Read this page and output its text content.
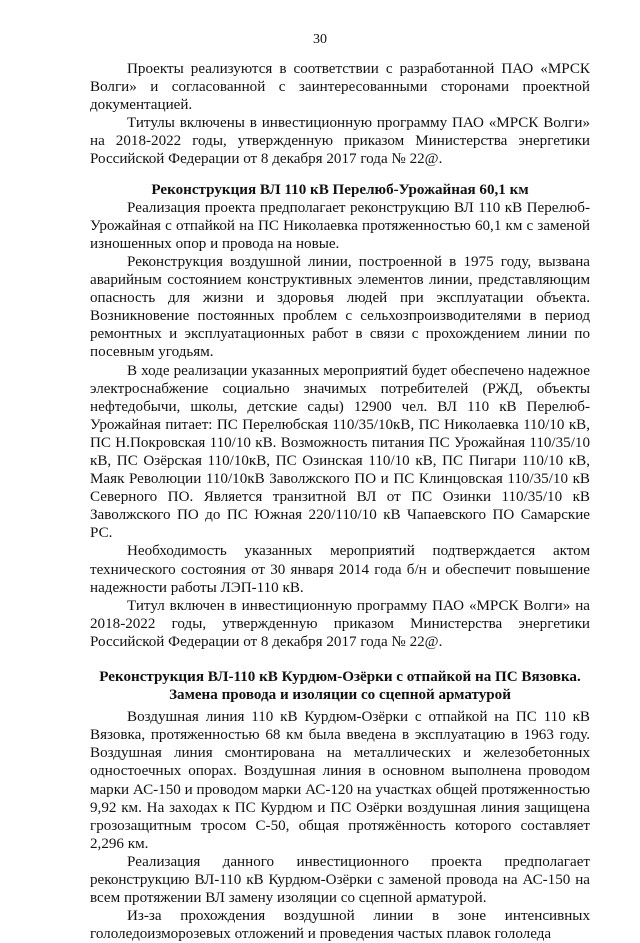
30

Проекты реализуются в соответствии с разработанной ПАО «МРСК Волги» и согласованной с заинтересованными сторонами проектной документацией.

Титулы включены в инвестиционную программу ПАО «МРСК Волги» на 2018-2022 годы, утвержденную приказом Министерства энергетики Российской Федерации от 8 декабря 2017 года № 22@.

Реконструкция ВЛ 110 кВ Перелюб-Урожайная 60,1 км

Реализация проекта предполагает реконструкцию ВЛ 110 кВ Перелюб-Урожайная с отпайкой на ПС Николаевка протяженностью 60,1 км с заменой изношенных опор и провода на новые.

Реконструкция воздушной линии, построенной в 1975 году, вызвана аварийным состоянием конструктивных элементов линии, представляющим опасность для жизни и здоровья людей при эксплуатации объекта. Возникновение постоянных проблем с сельхозпроизводителями в период ремонтных и эксплуатационных работ в связи с прохождением линии по посевным угодьям.

В ходе реализации указанных мероприятий будет обеспечено надежное электроснабжение социально значимых потребителей (РЖД, объекты нефтедобычи, школы, детские сады) 12900 чел. ВЛ 110 кВ Перелюб-Урожайная питает: ПС Перелюбская 110/35/10кВ, ПС Николаевка 110/10 кВ, ПС Н.Покровская 110/10 кВ. Возможность питания ПС Урожайная 110/35/10 кВ, ПС Озёрская 110/10кВ, ПС Озинская 110/10 кВ, ПС Пигари 110/10 кВ, Маяк Революции 110/10кВ Заволжского ПО и ПС Клинцовская 110/35/10 кВ Северного ПО. Является транзитной ВЛ от ПС Озинки 110/35/10 кВ Заволжского ПО до ПС Южная 220/110/10 кВ Чапаевского ПО Самарские РС.

Необходимость указанных мероприятий подтверждается актом технического состояния от 30 января 2014 года б/н и обеспечит повышение надежности работы ЛЭП-110 кВ.

Титул включен в инвестиционную программу ПАО «МРСК Волги» на 2018-2022 годы, утвержденную приказом Министерства энергетики Российской Федерации от 8 декабря 2017 года № 22@.

Реконструкция ВЛ-110 кВ Курдюм-Озёрки с отпайкой на ПС Вязовка. Замена провода и изоляции со сцепной арматурой

Воздушная линия 110 кВ Курдюм-Озёрки с отпайкой на ПС 110 кВ Вязовка, протяженностью 68 км была введена в эксплуатацию в 1963 году. Воздушная линия смонтирована на металлических и железобетонных одностоечных опорах. Воздушная линия в основном выполнена проводом марки АС-150 и проводом марки АС-120 на участках общей протяженностью 9,92 км. На заходах к ПС Курдюм и ПС Озёрки воздушная линия защищена грозозащитным тросом С-50, общая протяжённость которого составляет 2,296 км.

Реализация данного инвестиционного проекта предполагает реконструкцию ВЛ-110 кВ Курдюм-Озёрки с заменой провода на АС-150 на всем протяжении ВЛ замену изоляции со сцепной арматурой.

Из-за прохождения воздушной линии в зоне интенсивных гололедоизморозевых отложений и проведения частых плавок гололеда
